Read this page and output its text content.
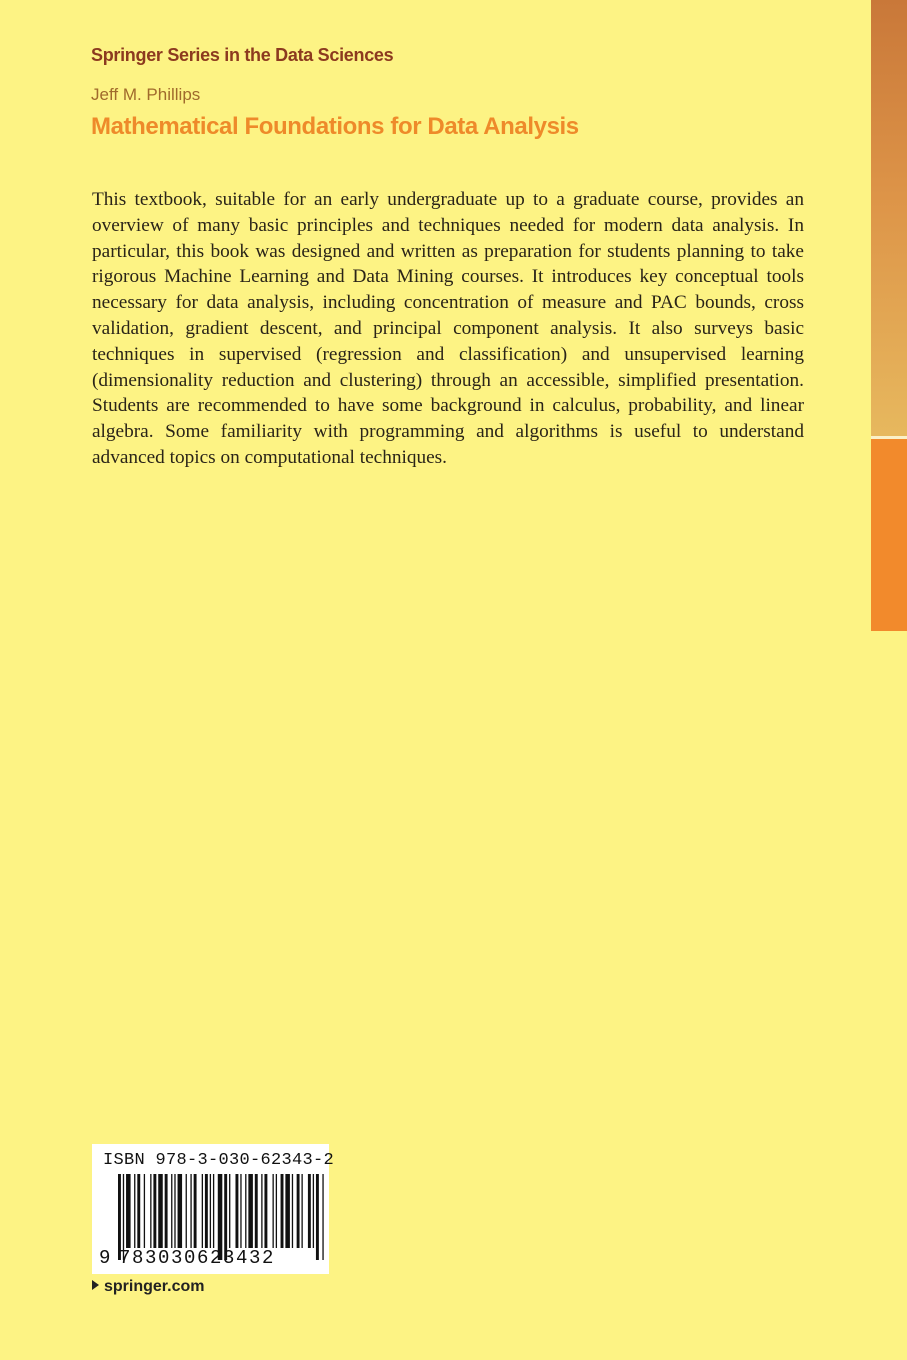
Springer Series in the Data Sciences
Jeff M. Phillips
Mathematical Foundations for Data Analysis

This textbook, suitable for an early undergraduate up to a graduate course, provides an overview of many basic principles and techniques needed for modern data analysis. In particular, this book was designed and written as preparation for students planning to take rigorous Machine Learning and Data Mining courses. It introduces key conceptual tools necessary for data analysis, including concentration of measure and PAC bounds, cross validation, gradient descent, and principal component analysis. It also surveys basic techniques in supervised (regression and classification) and unsupervised learning (dimensionality reduction and clustering) through an accessible, simplified presentation. Students are recommended to have some background in calculus, probability, and linear algebra. Some familiarity with programming and algorithms is useful to understand advanced topics on computational techniques.

ISBN 978-3-030-62343-2
9 783030623432
springer.com
